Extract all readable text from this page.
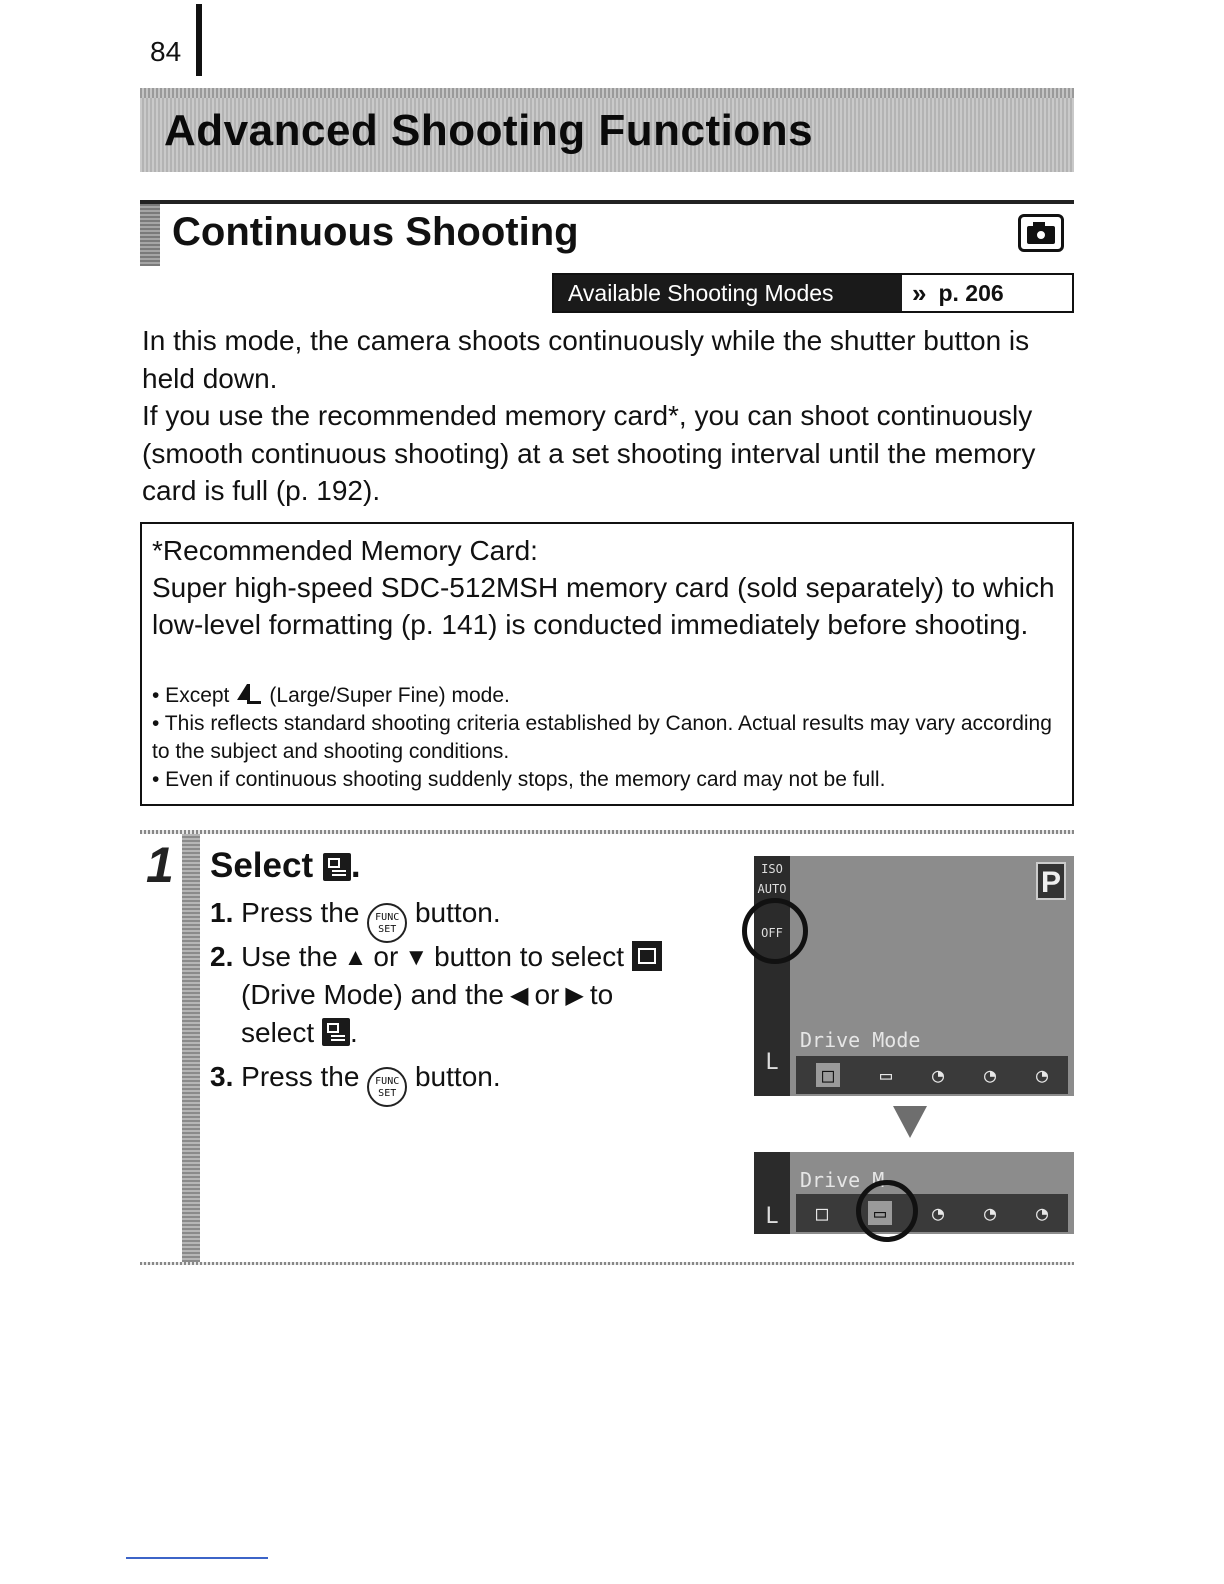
84
Advanced Shooting Functions
Continuous Shooting
Available Shooting Modes	» p. 206
In this mode, the camera shoots continuously while the shutter button is held down.
If you use the recommended memory card*, you can shoot continuously (smooth continuous shooting) at a set shooting interval until the memory card is full (p. 192).
*Recommended Memory Card:
Super high-speed SDC-512MSH memory card (sold separately) to which low-level formatting (p. 141) is conducted immediately before shooting.
• Except (Large/Super Fine) mode.
• This reflects standard shooting criteria established by Canon. Actual results may vary according to the subject and shooting conditions.
• Even if continuous shooting suddenly stops, the memory card may not be full.
1 Select .
1. Press the FUNC
SET button.
2. Use the ▲ or ▼ button to select
(Drive Mode) and the ◀ or ▶ to
select .
3. Press the FUNC
SET button.
ISO
AUTO
OFF
L
P
Drive Mode
□	▭ ◔ ◔ ◔
L
Drive M
□	▭	◔ ◔ ◔
